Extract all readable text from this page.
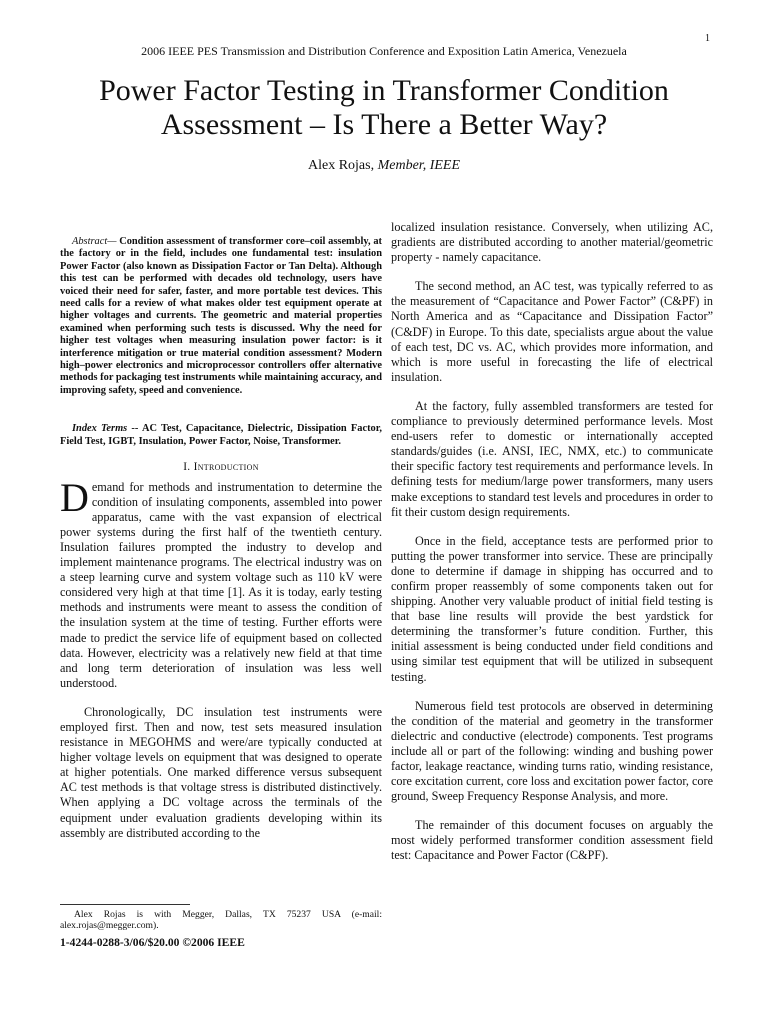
1
2006 IEEE PES Transmission and Distribution Conference and Exposition Latin America, Venezuela
Power Factor Testing in Transformer Condition Assessment – Is There a Better Way?
Alex Rojas, Member, IEEE

Abstract— Condition assessment of transformer core–coil assembly, at the factory or in the field, includes one fundamental test: insulation Power Factor (also known as Dissipation Factor or Tan Delta). Although this test can be performed with decades old technology, users have voiced their need for safer, faster, and more portable test devices. This need calls for a review of what makes older test equipment operate at higher voltages and currents. The geometric and material properties examined when performing such tests is discussed. Why the need for higher test voltages when measuring insulation power factor: is it interference mitigation or true material condition assessment? Modern high–power electronics and microprocessor controllers offer alternative methods for packaging test instruments while maintaining accuracy, and improving safety, speed and convenience.

Index Terms -- AC Test, Capacitance, Dielectric, Dissipation Factor, Field Test, IGBT, Insulation, Power Factor, Noise, Transformer.

I. Introduction

Demand for methods and instrumentation to determine the condition of insulating components, assembled into power apparatus, came with the vast expansion of electrical power systems during the first half of the twentieth century. Insulation failures prompted the industry to develop and implement maintenance programs. The electrical industry was on a steep learning curve and system voltage such as 110 kV were considered very high at that time [1]. As it is today, early testing methods and instruments were meant to assess the condition of the insulation system at the time of testing. Further efforts were made to predict the service life of equipment based on collected data. However, electricity was a relatively new field at that time and long term deterioration of insulation was less well understood.

Chronologically, DC insulation test instruments were employed first. Then and now, test sets measured insulation resistance in MEGOHMS and were/are typically conducted at higher voltage levels on equipment that was designed to operate at higher potentials. One marked difference versus subsequent AC test methods is that voltage stress is distributed distinctively. When applying a DC voltage across the terminals of the equipment under evaluation gradients developing within its assembly are distributed according to the

localized insulation resistance. Conversely, when utilizing AC, gradients are distributed according to another material/geometric property - namely capacitance.

The second method, an AC test, was typically referred to as the measurement of “Capacitance and Power Factor” (C&PF) in North America and as “Capacitance and Dissipation Factor” (C&DF) in Europe. To this date, specialists argue about the value of each test, DC vs. AC, which provides more information, and which is more useful in forecasting the life of electrical insulation.

At the factory, fully assembled transformers are tested for compliance to previously determined performance levels. Most end-users refer to domestic or internationally accepted standards/guides (i.e. ANSI, IEC, NMX, etc.) to communicate their specific factory test requirements and performance levels. In defining tests for medium/large power transformers, many users make exceptions to standard test levels and procedures in order to fit their custom design requirements.

Once in the field, acceptance tests are performed prior to putting the power transformer into service. These are principally done to determine if damage in shipping has occurred and to confirm proper reassembly of some components taken out for shipping. Another very valuable product of initial field testing is that base line results will provide the best yardstick for determining the transformer’s future condition. Further, this initial assessment is being conducted under field conditions and using similar test equipment that will be utilized in subsequent testing.

Numerous field test protocols are observed in determining the condition of the material and geometry in the transformer dielectric and conductive (electrode) components. Test programs include all or part of the following: winding and bushing power factor, leakage reactance, winding turns ratio, winding resistance, core excitation current, core loss and excitation power factor, core ground, Sweep Frequency Response Analysis, and more.

The remainder of this document focuses on arguably the most widely performed transformer condition assessment field test: Capacitance and Power Factor (C&PF).

Alex Rojas is with Megger, Dallas, TX 75237 USA (e-mail: alex.rojas@megger.com).
1-4244-0288-3/06/$20.00 ©2006 IEEE
